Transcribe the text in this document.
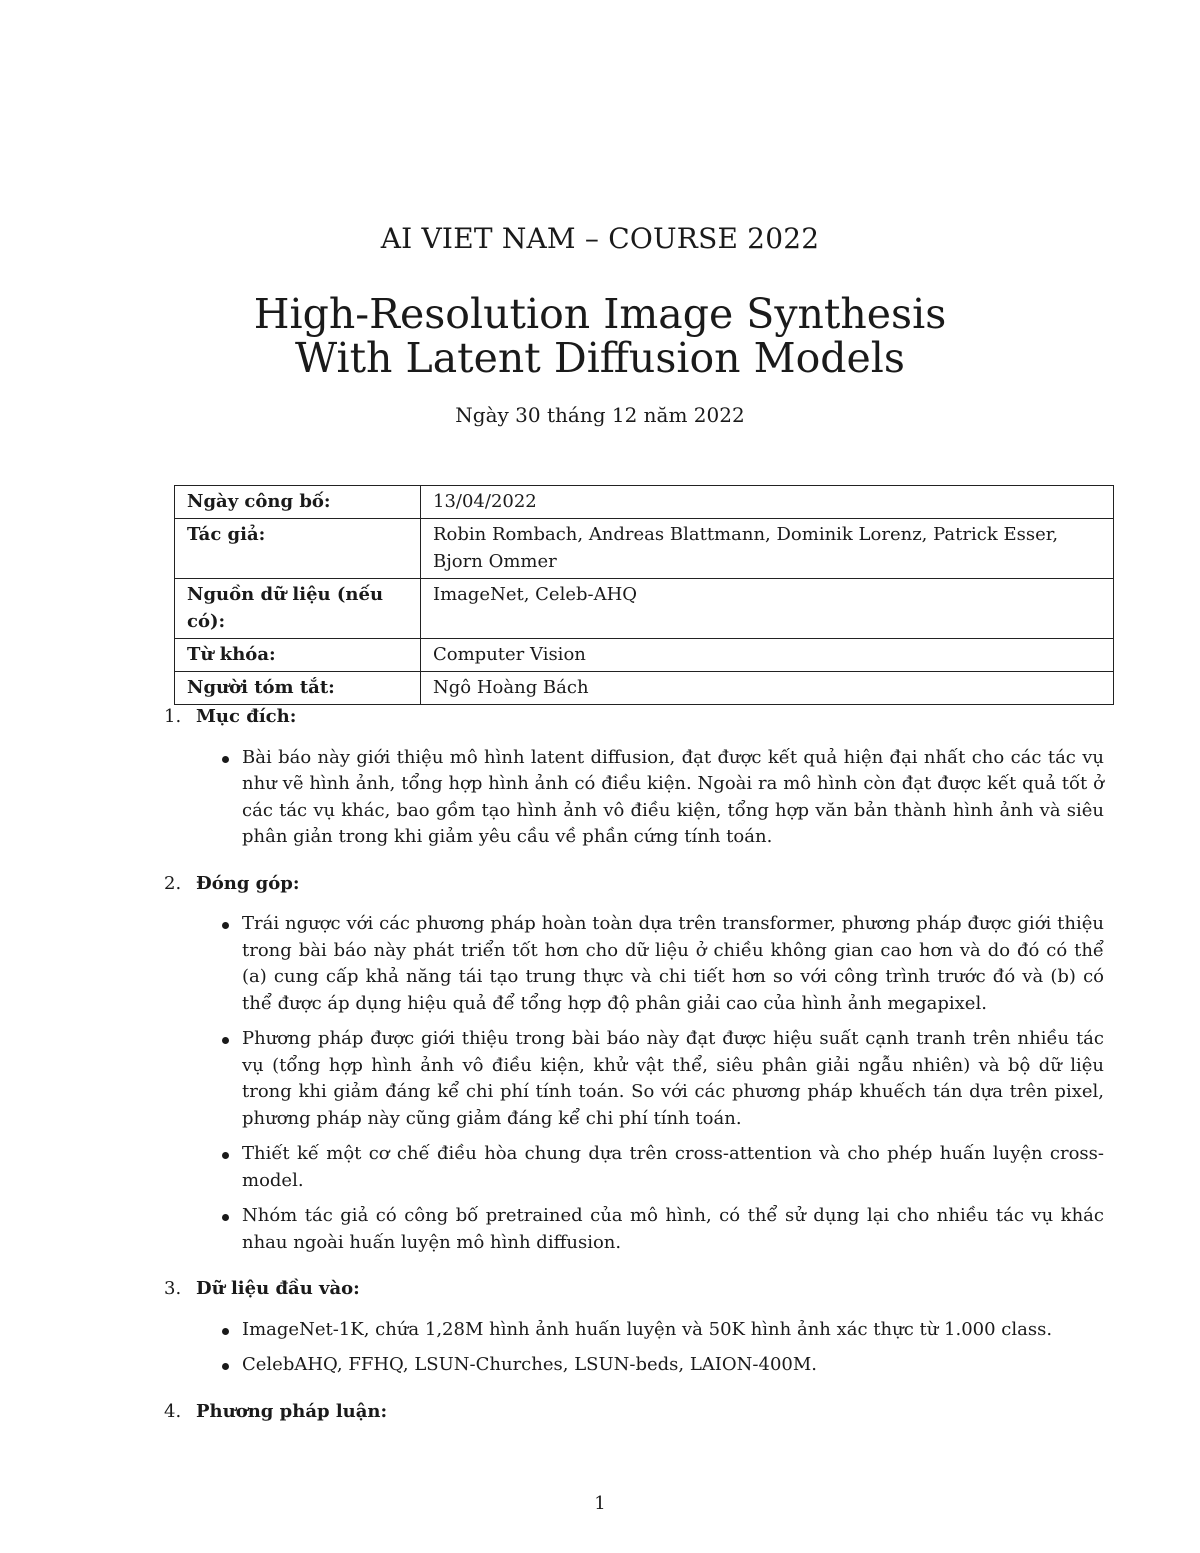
AI VIET NAM – COURSE 2022
High-Resolution Image Synthesis
With Latent Diffusion Models
Ngày 30 tháng 12 năm 2022
Ngày công bố:	13/04/2022
Tác giả:	Robin Rombach, Andreas Blattmann, Dominik Lorenz, Patrick Esser, Bjorn Ommer
Nguồn dữ liệu (nếu có):	ImageNet, Celeb-AHQ
Từ khóa:	Computer Vision
Người tóm tắt:	Ngô Hoàng Bách
1. Mục đích:
Bài báo này giới thiệu mô hình latent diffusion, đạt được kết quả hiện đại nhất cho các tác vụ như vẽ hình ảnh, tổng hợp hình ảnh có điều kiện. Ngoài ra mô hình còn đạt được kết quả tốt ở các tác vụ khác, bao gồm tạo hình ảnh vô điều kiện, tổng hợp văn bản thành hình ảnh và siêu phân giản trong khi giảm yêu cầu về phần cứng tính toán.
2. Đóng góp:
Trái ngược với các phương pháp hoàn toàn dựa trên transformer, phương pháp được giới thiệu trong bài báo này phát triển tốt hơn cho dữ liệu ở chiều không gian cao hơn và do đó có thể (a) cung cấp khả năng tái tạo trung thực và chi tiết hơn so với công trình trước đó và (b) có thể được áp dụng hiệu quả để tổng hợp độ phân giải cao của hình ảnh megapixel.
Phương pháp được giới thiệu trong bài báo này đạt được hiệu suất cạnh tranh trên nhiều tác vụ (tổng hợp hình ảnh vô điều kiện, khử vật thể, siêu phân giải ngẫu nhiên) và bộ dữ liệu trong khi giảm đáng kể chi phí tính toán. So với các phương pháp khuếch tán dựa trên pixel, phương pháp này cũng giảm đáng kể chi phí tính toán.
Thiết kế một cơ chế điều hòa chung dựa trên cross-attention và cho phép huấn luyện cross-model.
Nhóm tác giả có công bố pretrained của mô hình, có thể sử dụng lại cho nhiều tác vụ khác nhau ngoài huấn luyện mô hình diffusion.
3. Dữ liệu đầu vào:
ImageNet-1K, chứa 1,28M hình ảnh huấn luyện và 50K hình ảnh xác thực từ 1.000 class.
CelebAHQ, FFHQ, LSUN-Churches, LSUN-beds, LAION-400M.
4. Phương pháp luận:
1
